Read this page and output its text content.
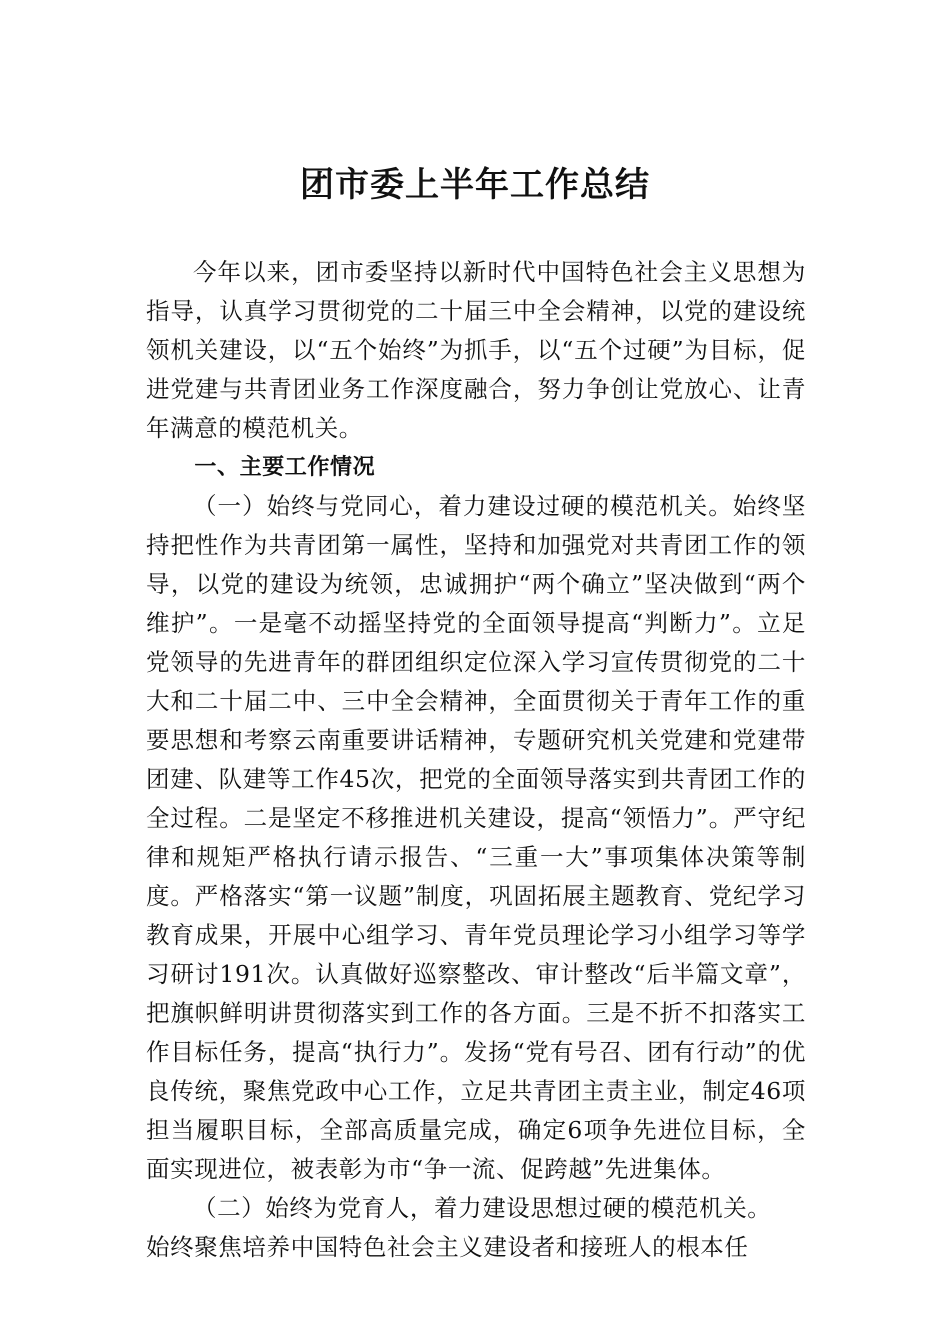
团市委上半年工作总结

今年以来，团市委坚持以新时代中国特色社会主义思想为指导，认真学习贯彻党的二十届三中全会精神，以党的建设统领机关建设，以“五个始终”为抓手，以“五个过硬”为目标，促进党建与共青团业务工作深度融合，努力争创让党放心、让青年满意的模范机关。

一、主要工作情况

（一）始终与党同心，着力建设过硬的模范机关。始终坚持把性作为共青团第一属性，坚持和加强党对共青团工作的领导，以党的建设为统领，忠诚拥护“两个确立”坚决做到“两个维护”。一是毫不动摇坚持党的全面领导提高“判断力”。立足党领导的先进青年的群团组织定位深入学习宣传贯彻党的二十大和二十届二中、三中全会精神，全面贯彻关于青年工作的重要思想和考察云南重要讲话精神，专题研究机关党建和党建带团建、队建等工作45次，把党的全面领导落实到共青团工作的全过程。二是坚定不移推进机关建设，提高“领悟力”。严守纪律和规矩严格执行请示报告、“三重一大”事项集体决策等制度。严格落实“第一议题”制度，巩固拓展主题教育、党纪学习教育成果，开展中心组学习、青年党员理论学习小组学习等学习研讨191次。认真做好巡察整改、审计整改“后半篇文章”，把旗帜鲜明讲贯彻落实到工作的各方面。三是不折不扣落实工作目标任务，提高“执行力”。发扬“党有号召、团有行动”的优良传统，聚焦党政中心工作，立足共青团主责主业，制定46项担当履职目标，全部高质量完成，确定6项争先进位目标，全面实现进位，被表彰为市“争一流、促跨越”先进集体。

（二）始终为党育人，着力建设思想过硬的模范机关。

始终聚焦培养中国特色社会主义建设者和接班人的根本任
